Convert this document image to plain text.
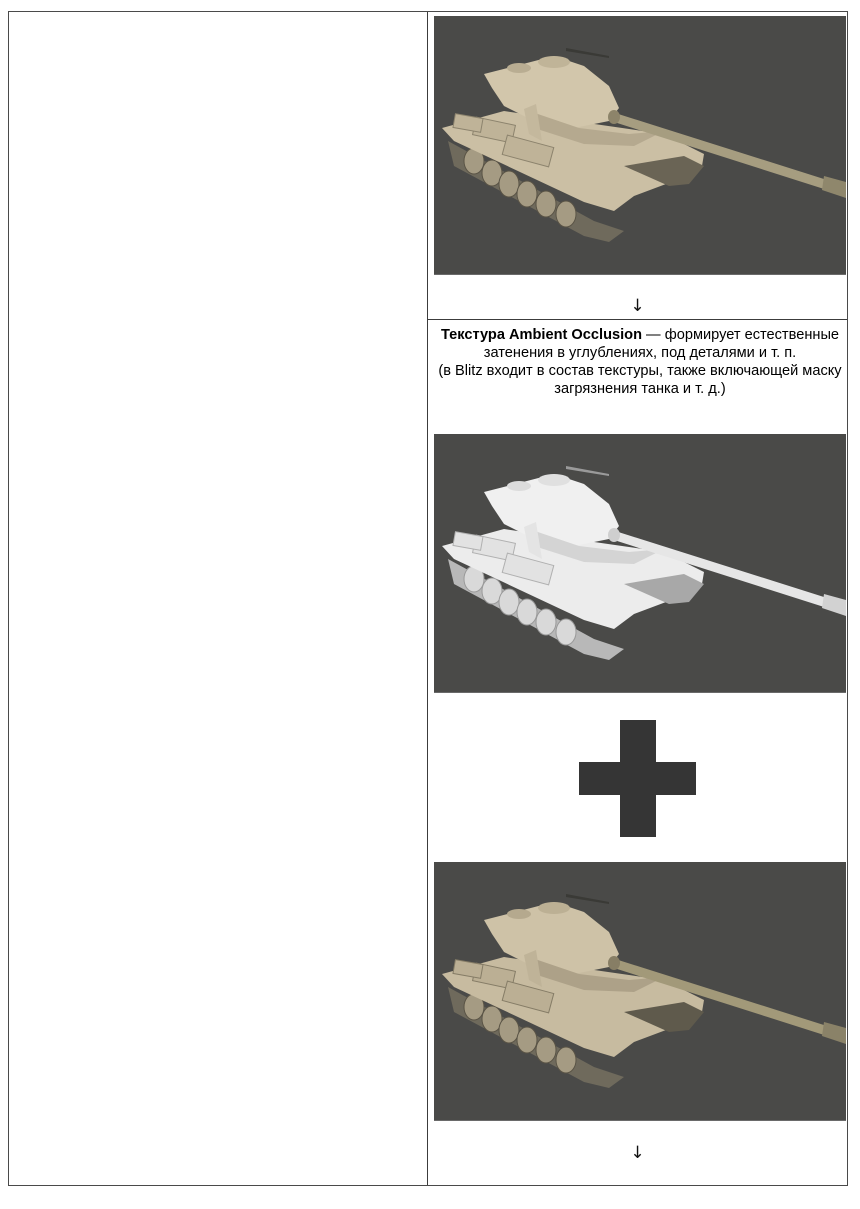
↓
Текстура Ambient Occlusion — формирует естественные затенения в углублениях, под деталями и т. п.
(в Blitz входит в состав текстуры, также включающей маску загрязнения танка и т. д.)
↓
